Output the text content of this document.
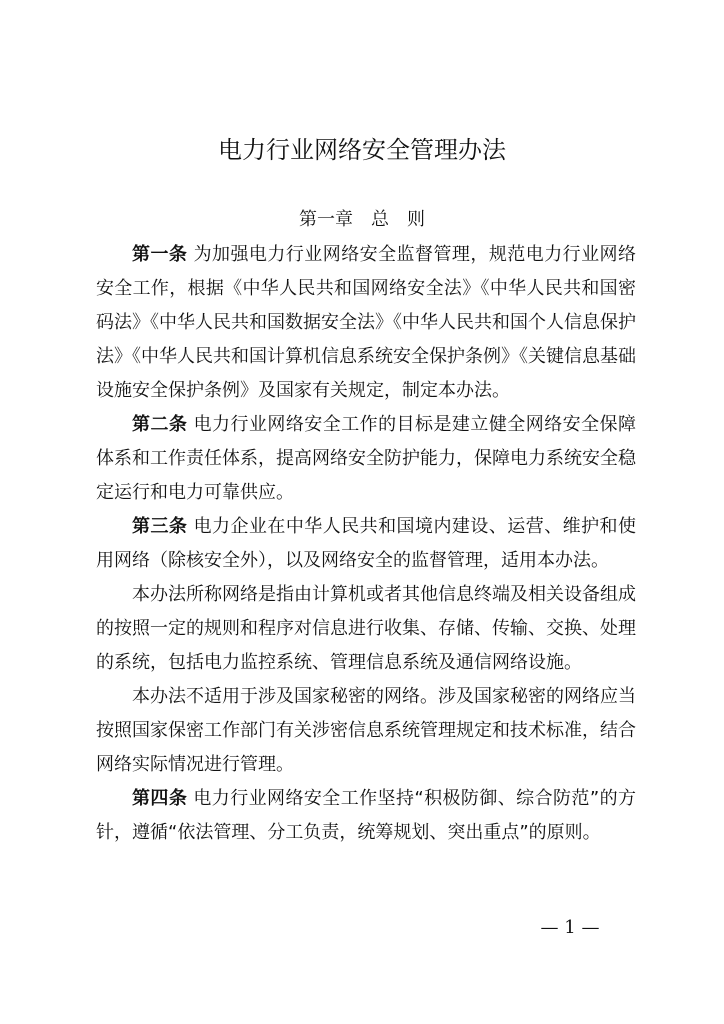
电力行业网络安全管理办法
第一章　总　则

第一条 为加强电力行业网络安全监督管理，规范电力行业网络安全工作，根据《中华人民共和国网络安全法》《中华人民共和国密码法》《中华人民共和国数据安全法》《中华人民共和国个人信息保护法》《中华人民共和国计算机信息系统安全保护条例》《关键信息基础设施安全保护条例》及国家有关规定，制定本办法。

第二条 电力行业网络安全工作的目标是建立健全网络安全保障体系和工作责任体系，提高网络安全防护能力，保障电力系统安全稳定运行和电力可靠供应。

第三条 电力企业在中华人民共和国境内建设、运营、维护和使用网络（除核安全外），以及网络安全的监督管理，适用本办法。

本办法所称网络是指由计算机或者其他信息终端及相关设备组成的按照一定的规则和程序对信息进行收集、存储、传输、交换、处理的系统，包括电力监控系统、管理信息系统及通信网络设施。

本办法不适用于涉及国家秘密的网络。涉及国家秘密的网络应当按照国家保密工作部门有关涉密信息系统管理规定和技术标准，结合网络实际情况进行管理。

第四条 电力行业网络安全工作坚持“积极防御、综合防范”的方针，遵循“依法管理、分工负责，统筹规划、突出重点”的原则。

— 1 —
